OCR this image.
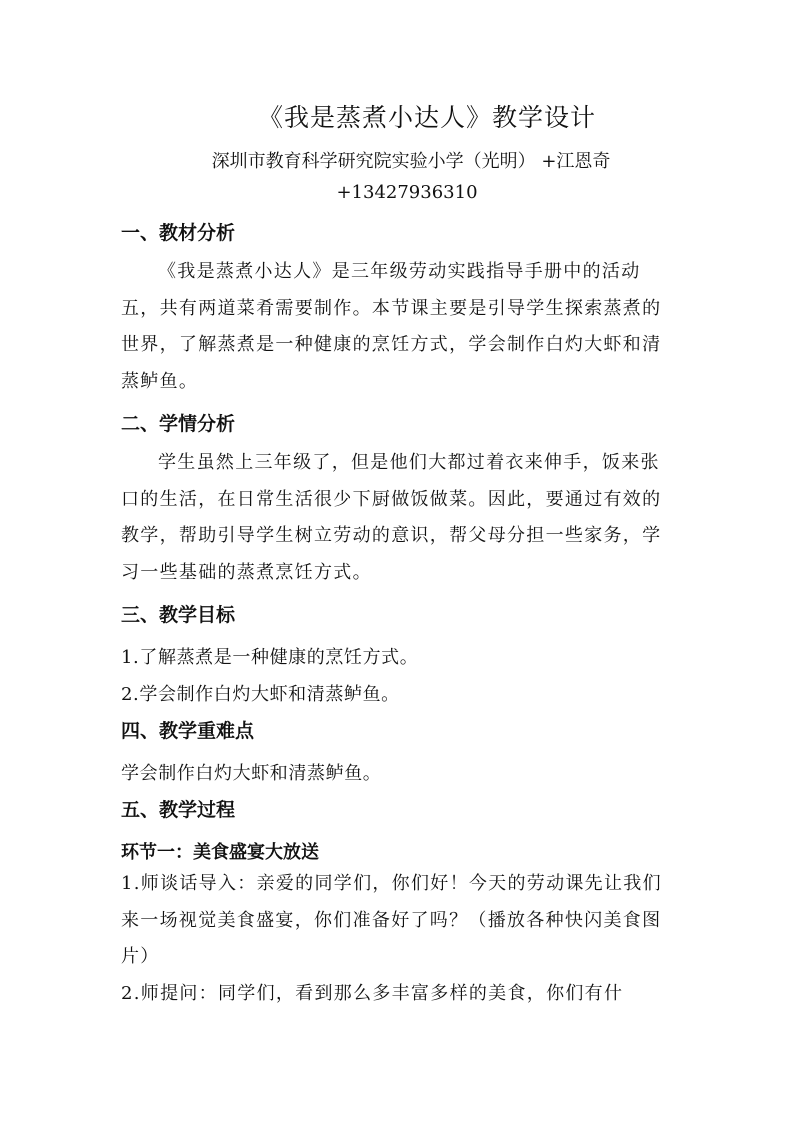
《我是蒸煮小达人》教学设计
深圳市教育科学研究院实验小学（光明） +江恩奇
+13427936310
一、教材分析

《我是蒸煮小达人》是三年级劳动实践指导手册中的活动五，共有两道菜肴需要制作。本节课主要是引导学生探索蒸煮的世界，了解蒸煮是一种健康的烹饪方式，学会制作白灼大虾和清蒸鲈鱼。

二、学情分析

学生虽然上三年级了，但是他们大都过着衣来伸手，饭来张口的生活，在日常生活很少下厨做饭做菜。因此，要通过有效的教学，帮助引导学生树立劳动的意识，帮父母分担一些家务，学习一些基础的蒸煮烹饪方式。

三、教学目标
1.了解蒸煮是一种健康的烹饪方式。
2.学会制作白灼大虾和清蒸鲈鱼。
四、教学重难点
学会制作白灼大虾和清蒸鲈鱼。
五、教学过程
环节一：美食盛宴大放送

1.师谈话导入：亲爱的同学们，你们好！今天的劳动课先让我们来一场视觉美食盛宴，你们准备好了吗？（播放各种快闪美食图片）

2.师提问：同学们，看到那么多丰富多样的美食，你们有什
